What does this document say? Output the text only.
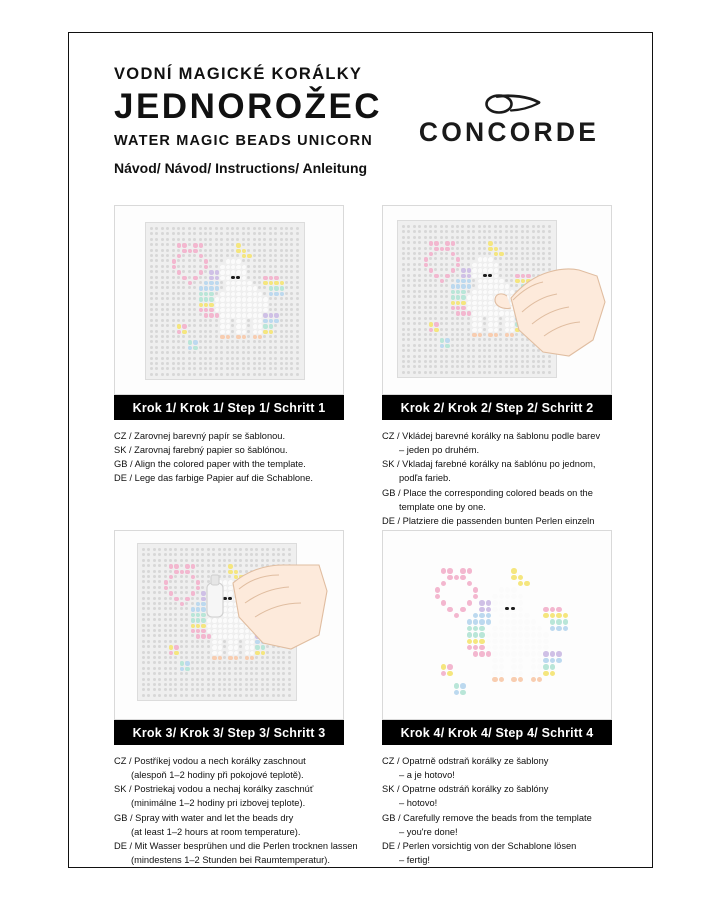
VODNÍ MAGICKÉ KORÁLKY
JEDNOROŽEC
WATER MAGIC BEADS UNICORN
Návod/ Návod/ Instructions/ Anleitung
CONCORDE
Krok 1/ Krok 1/ Step 1/ Schritt 1
CZ / Zarovnej barevný papír se šablonou.
SK / Zarovnaj farebný papier so šablónou.
GB / Align the colored paper with the template.
DE / Lege das farbige Papier auf die Schablone.
Krok 2/ Krok 2/ Step 2/ Schritt 2
CZ / Vkládej barevné korálky na šablonu podle barev
– jeden po druhém.
SK / Vkladaj farebné korálky na šablónu po jednom,
podľa farieb.
GB / Place the corresponding colored beads on the
template one by one.
DE / Platziere die passenden bunten Perlen einzeln
Krok 3/ Krok 3/ Step 3/ Schritt 3
CZ / Postříkej vodou a nech korálky zaschnout
(alespoň 1–2 hodiny při pokojové teplotě).
SK / Postriekaj vodou a nechaj korálky zaschnúť
(minimálne 1–2 hodiny pri izbovej teplote).
GB / Spray with water and let the beads dry
(at least 1–2 hours at room temperature).
DE / Mit Wasser besprühen und die Perlen trocknen lassen
(mindestens 1–2 Stunden bei Raumtemperatur).
Krok 4/ Krok 4/ Step 4/ Schritt 4
CZ / Opatrně odstraň korálky ze šablony
– a je hotovo!
SK / Opatrne odstráň korálky zo šablóny
– hotovo!
GB / Carefully remove the beads from the template
– you're done!
DE / Perlen vorsichtig von der Schablone lösen
– fertig!
